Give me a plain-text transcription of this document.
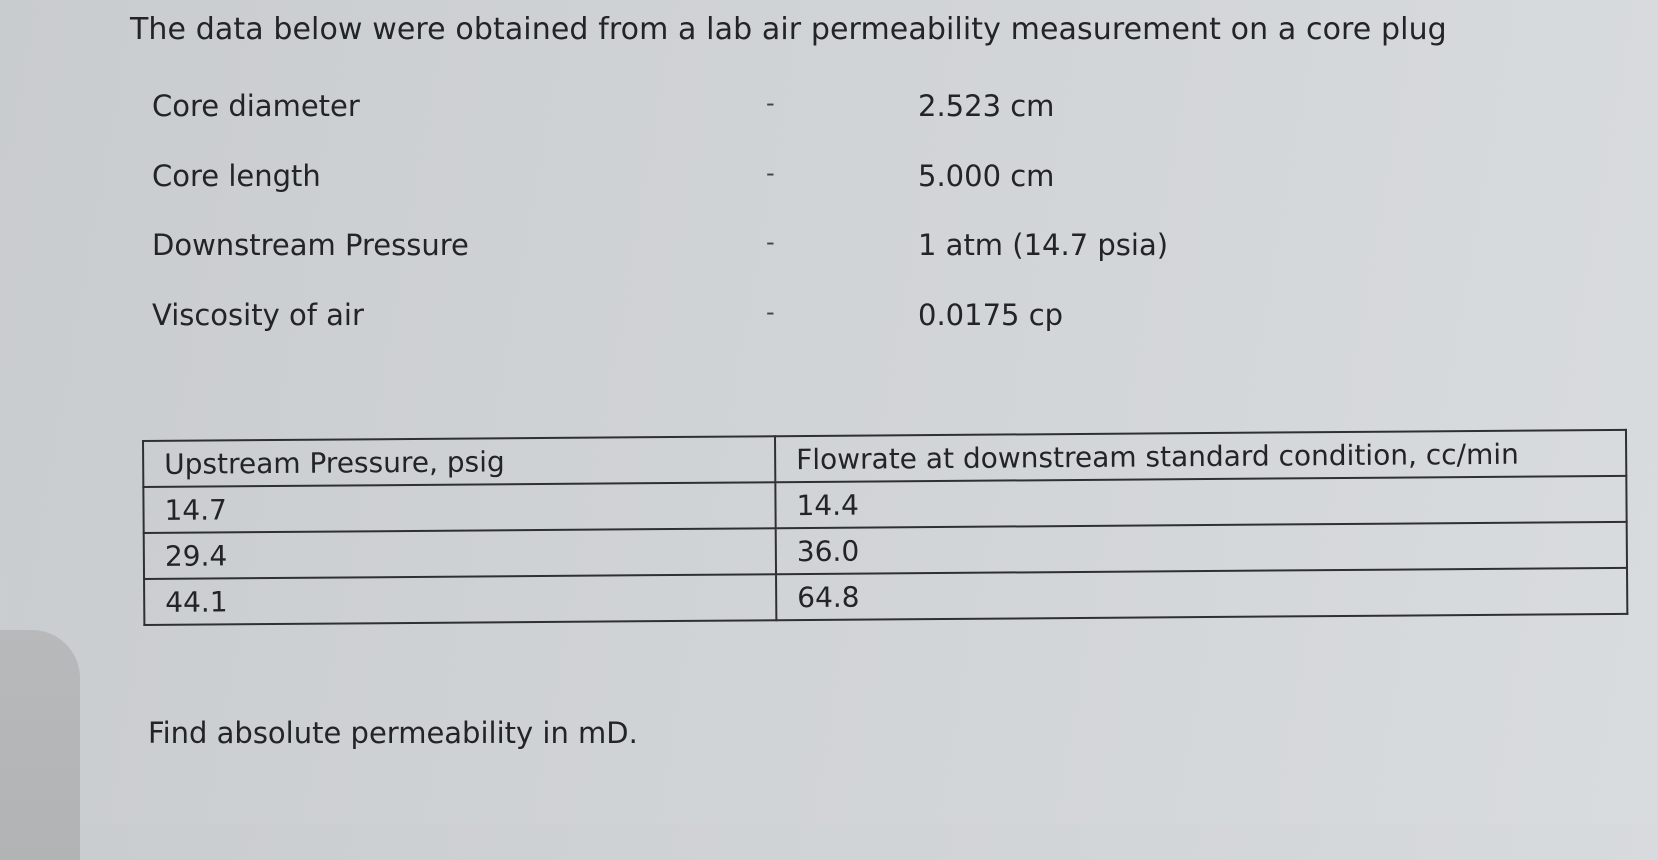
The data below were obtained from a lab air permeability measurement on a core plug
Core diameter	-	2.523 cm
Core length	-	5.000 cm
Downstream Pressure	-	1 atm (14.7 psia)
Viscosity of air	-	0.0175 cp
Upstream Pressure, psig	Flowrate at downstream standard condition, cc/min
14.7	14.4
29.4	36.0
44.1	64.8
Find absolute permeability in mD.
